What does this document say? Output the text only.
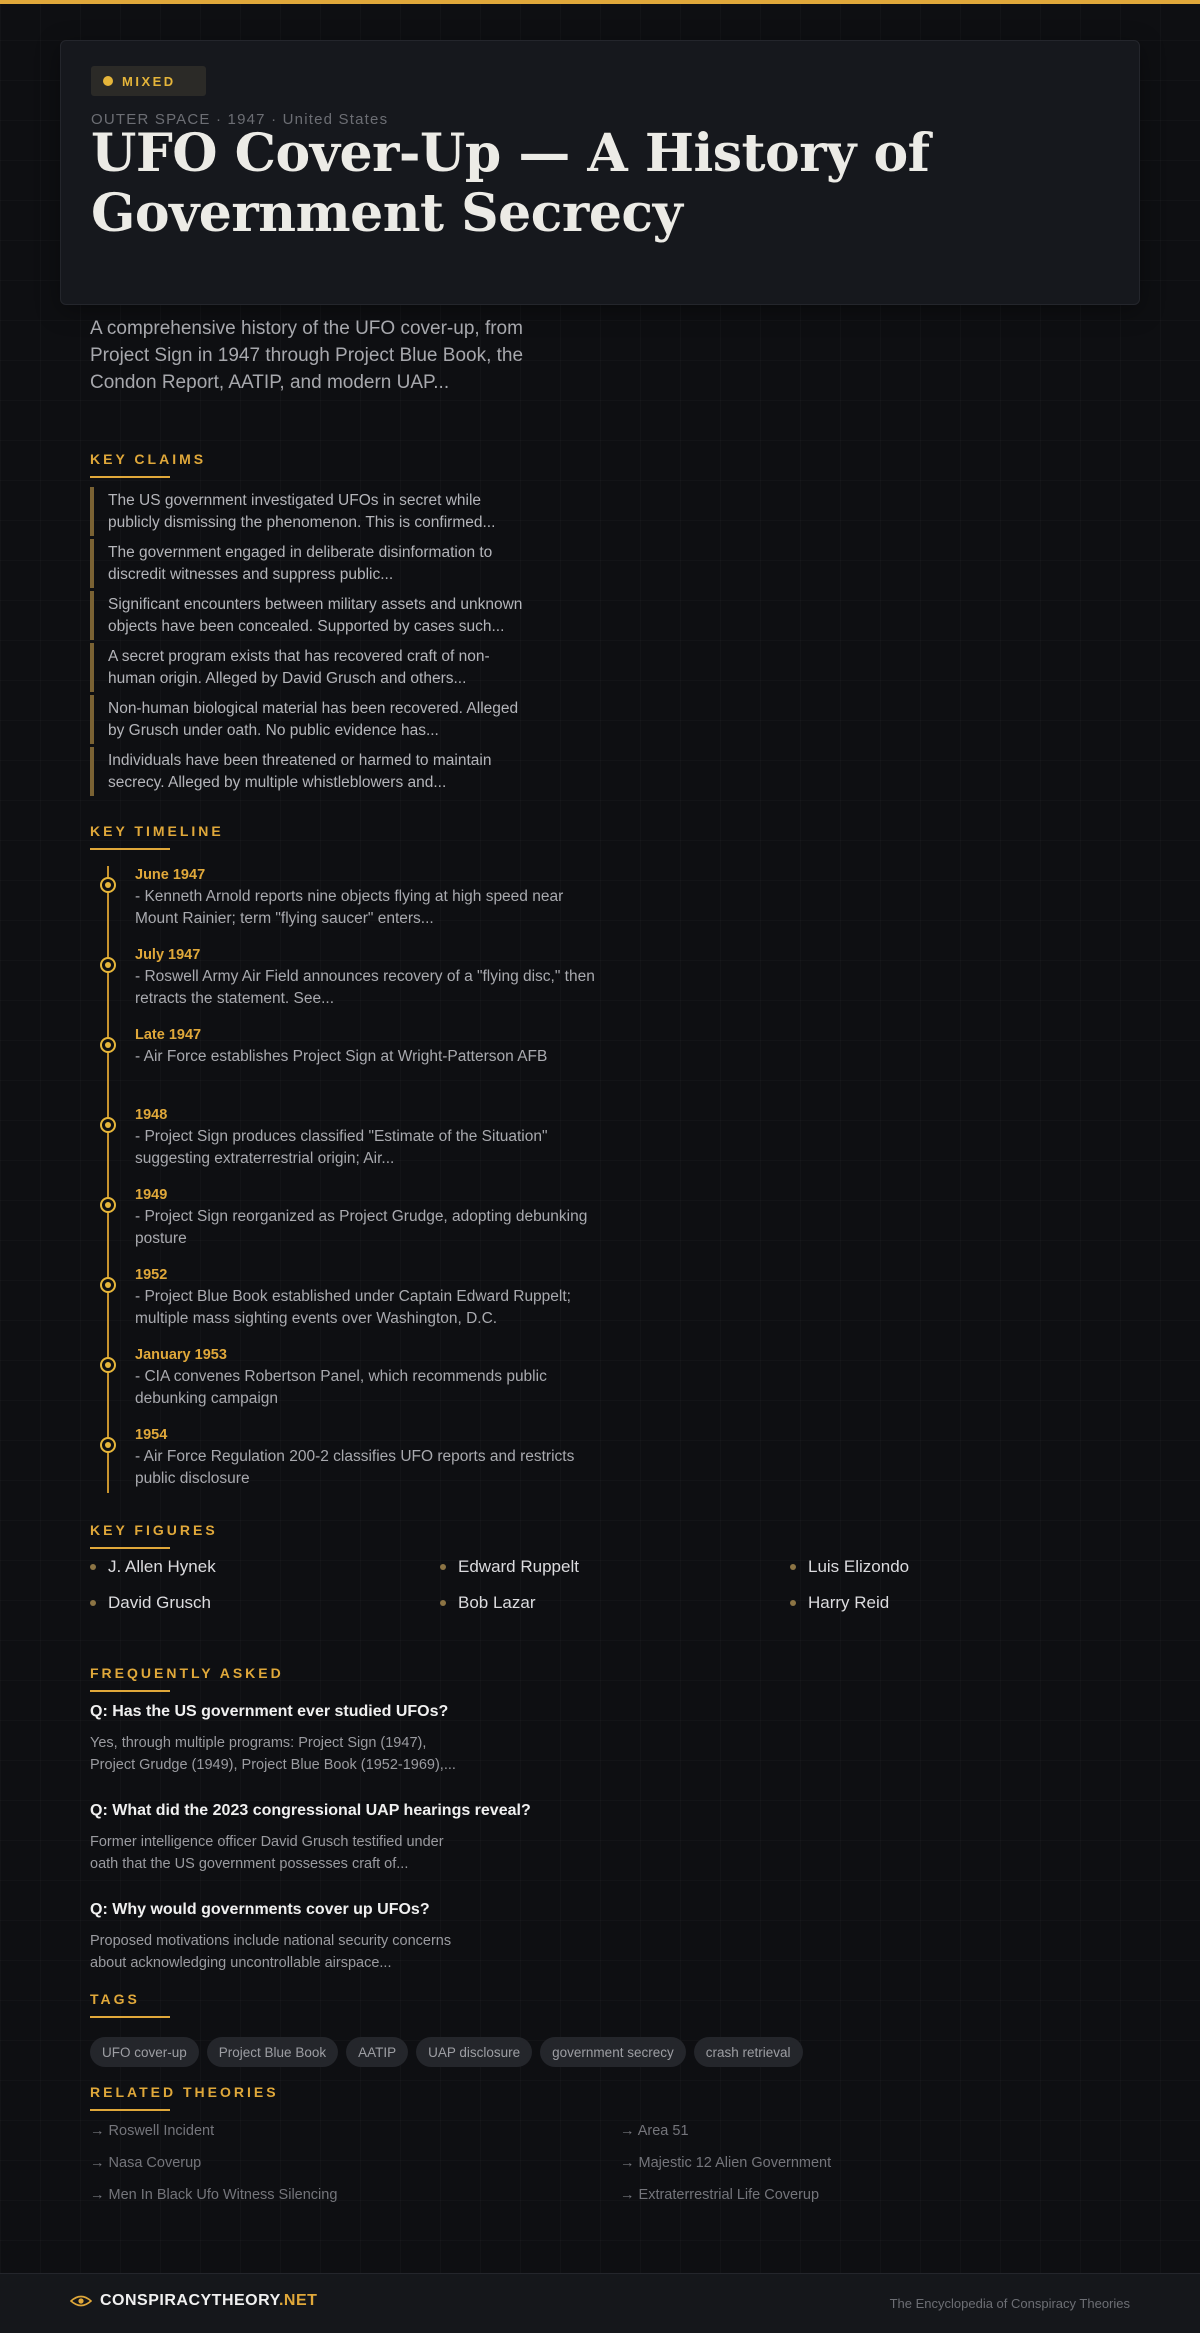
MIXED
OUTER SPACE · 1947 · United States
UFO Cover-Up — A History of Government Secrecy

A comprehensive history of the UFO cover-up, from Project Sign in 1947 through Project Blue Book, the Condon Report, AATIP, and modern UAP...

KEY CLAIMS
The US government investigated UFOs in secret while publicly dismissing the phenomenon. This is confirmed...
The government engaged in deliberate disinformation to discredit witnesses and suppress public...
Significant encounters between military assets and unknown objects have been concealed. Supported by cases such...
A secret program exists that has recovered craft of non-human origin. Alleged by David Grusch and others...
Non-human biological material has been recovered. Alleged by Grusch under oath. No public evidence has...
Individuals have been threatened or harmed to maintain secrecy. Alleged by multiple whistleblowers and...
KEY TIMELINE
June 1947
- Kenneth Arnold reports nine objects flying at high speed near Mount Rainier; term "flying saucer" enters...
July 1947
- Roswell Army Air Field announces recovery of a "flying disc," then retracts the statement. See...
Late 1947
- Air Force establishes Project Sign at Wright-Patterson AFB
1948
- Project Sign produces classified "Estimate of the Situation" suggesting extraterrestrial origin; Air...
1949
- Project Sign reorganized as Project Grudge, adopting debunking posture
1952
- Project Blue Book established under Captain Edward Ruppelt; multiple mass sighting events over Washington, D.C.
January 1953
- CIA convenes Robertson Panel, which recommends public debunking campaign
1954
- Air Force Regulation 200-2 classifies UFO reports and restricts public disclosure
KEY FIGURES
J. Allen Hynek	Edward Ruppelt	Luis Elizondo
David Grusch	Bob Lazar	Harry Reid
FREQUENTLY ASKED
Q: Has the US government ever studied UFOs?
Yes, through multiple programs: Project Sign (1947), Project Grudge (1949), Project Blue Book (1952-1969),...
Q: What did the 2023 congressional UAP hearings reveal?
Former intelligence officer David Grusch testified under oath that the US government possesses craft of...
Q: Why would governments cover up UFOs?
Proposed motivations include national security concerns about acknowledging uncontrollable airspace...
TAGS
UFO cover-up	Project Blue Book	AATIP	UAP disclosure	government secrecy	crash retrieval
RELATED THEORIES
→ Roswell Incident	→ Area 51
→ Nasa Coverup	→ Majestic 12 Alien Government
→ Men In Black Ufo Witness Silencing	→ Extraterrestrial Life Coverup
CONSPIRACYTHEORY.NET	The Encyclopedia of Conspiracy Theories
